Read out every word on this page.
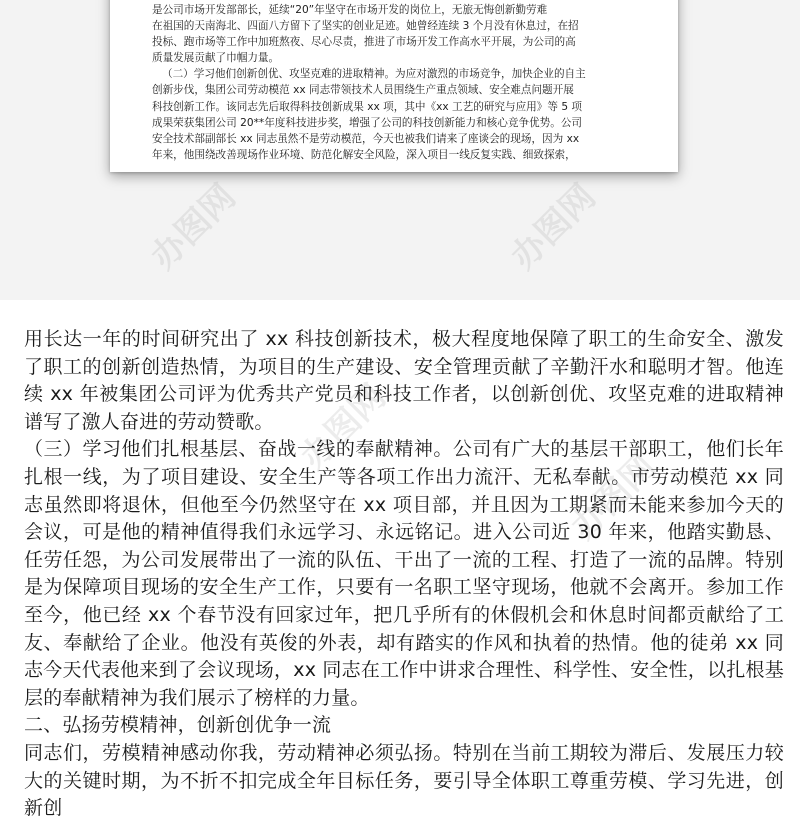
是公司市场开发部部长，延续“20”年坚守在市场开发的岗位上，无旅无悔创新勤劳难

在祖国的天南海北、四面八方留下了坚实的创业足迹。她曾经连续 3 个月没有休息过，在招

投标、跑市场等工作中加班熬夜、尽心尽责，推进了市场开发工作高水平开展，为公司的高

质量发展贡献了巾帼力量。

（二）学习他们创新创优、攻坚克难的进取精神。为应对激烈的市场竞争，加快企业的自主

创新步伐，集团公司劳动模范 xx 同志带领技术人员围绕生产重点领域、安全难点问题开展

科技创新工作。该同志先后取得科技创新成果 xx 项，其中《xx 工艺的研究与应用》等 5 项

成果荣获集团公司 20**年度科技进步奖，增强了公司的科技创新能力和核心竞争优势。公司

安全技术部副部长 xx 同志虽然不是劳动模范，今天也被我们请来了座谈会的现场，因为 xx

年来，他围绕改善现场作业环境、防范化解安全风险，深入项目一线反复实践、细致探索，

办图网	办图网
办图网
办图网

用长达一年的时间研究出了 xx 科技创新技术，极大程度地保障了职工的生命安全、激发了职工的创新创造热情，为项目的生产建设、安全管理贡献了辛勤汗水和聪明才智。他连续 xx 年被集团公司评为优秀共产党员和科技工作者，以创新创优、攻坚克难的进取精神谱写了激人奋进的劳动赞歌。

（三）学习他们扎根基层、奋战一线的奉献精神。公司有广大的基层干部职工，他们长年扎根一线，为了项目建设、安全生产等各项工作出力流汗、无私奉献。市劳动模范 xx 同志虽然即将退休，但他至今仍然坚守在 xx 项目部，并且因为工期紧而未能来参加今天的会议，可是他的精神值得我们永远学习、永远铭记。进入公司近 30 年来，他踏实勤恳、任劳任怨，为公司发展带出了一流的队伍、干出了一流的工程、打造了一流的品牌。特别是为保障项目现场的安全生产工作，只要有一名职工坚守现场，他就不会离开。参加工作至今，他已经 xx 个春节没有回家过年，把几乎所有的休假机会和休息时间都贡献给了工友、奉献给了企业。他没有英俊的外表，却有踏实的作风和执着的热情。他的徒弟 xx 同志今天代表他来到了会议现场，xx 同志在工作中讲求合理性、科学性、安全性，以扎根基层的奉献精神为我们展示了榜样的力量。

二、弘扬劳模精神，创新创优争一流

同志们，劳模精神感动你我，劳动精神必须弘扬。特别在当前工期较为滞后、发展压力较大的关键时期，为不折不扣完成全年目标任务，要引导全体职工尊重劳模、学习先进，创新创
